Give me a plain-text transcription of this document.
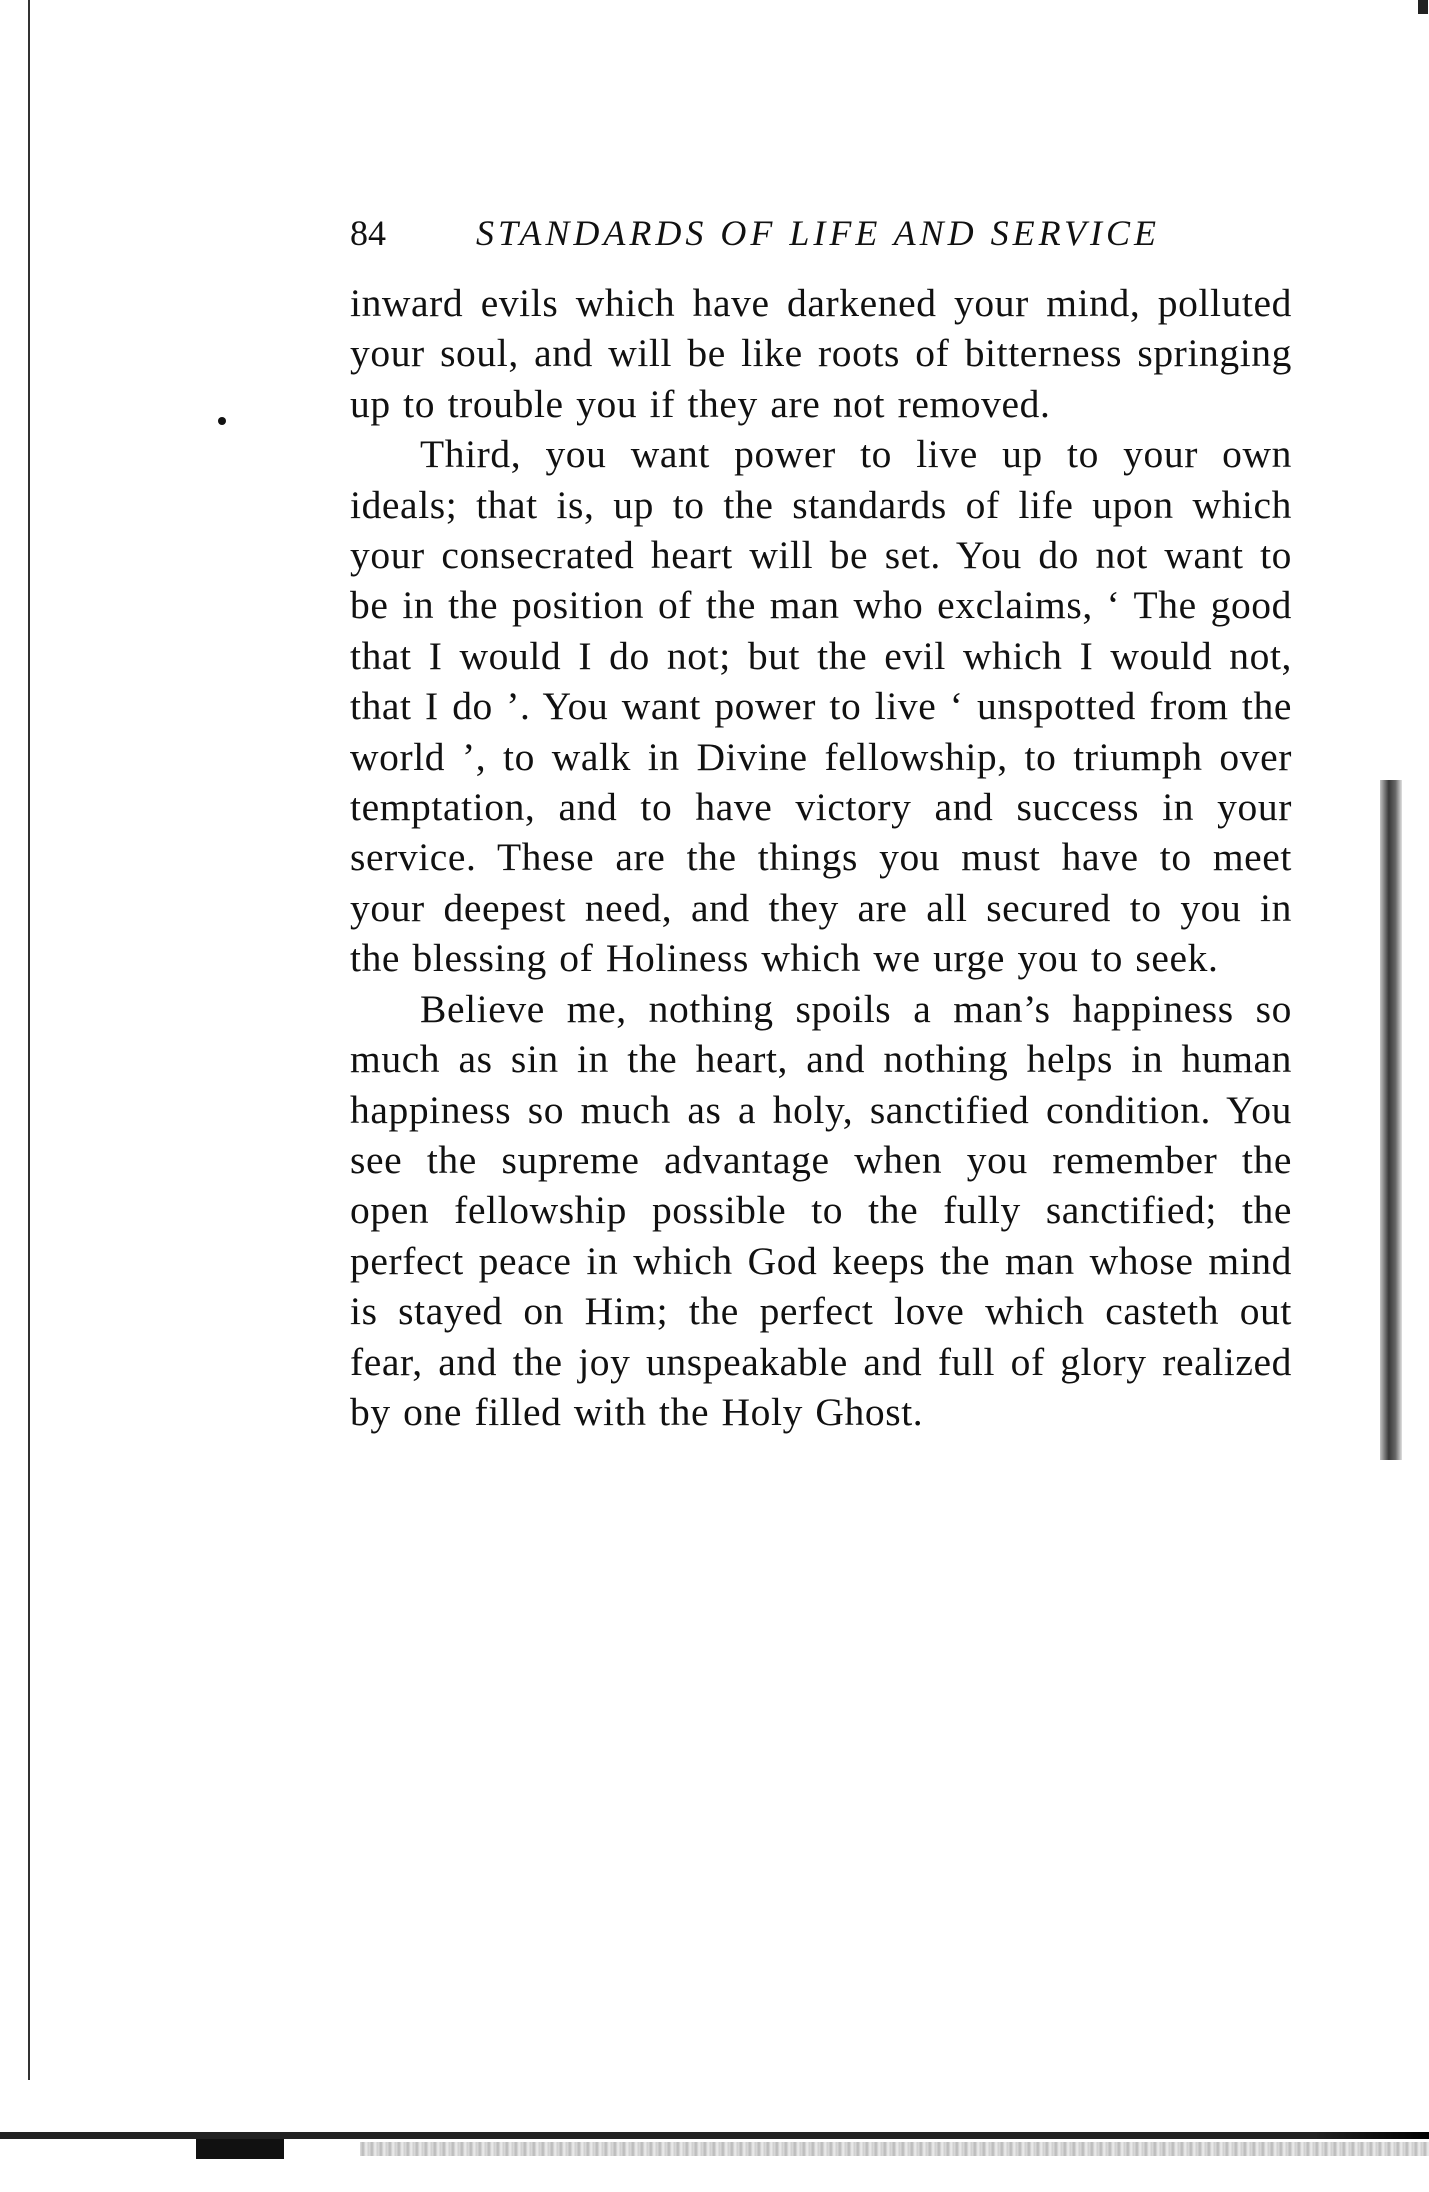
84	STANDARDS OF LIFE AND SERVICE

inward evils which have darkened your mind, polluted your soul, and will be like roots of bitterness springing up to trouble you if they are not removed.

Third, you want power to live up to your own ideals; that is, up to the standards of life upon which your consecrated heart will be set. You do not want to be in the position of the man who exclaims, ‘ The good that I would I do not; but the evil which I would not, that I do ’. You want power to live ‘ unspotted from the world ’, to walk in Divine fellowship, to triumph over temptation, and to have victory and success in your service. These are the things you must have to meet your deepest need, and they are all secured to you in the blessing of Holiness which we urge you to seek.

Believe me, nothing spoils a man’s happiness so much as sin in the heart, and nothing helps in human happiness so much as a holy, sanctified condition. You see the supreme advantage when you remember the open fellowship possible to the fully sanctified; the perfect peace in which God keeps the man whose mind is stayed on Him; the perfect love which casteth out fear, and the joy unspeakable and full of glory realized by one filled with the Holy Ghost.
